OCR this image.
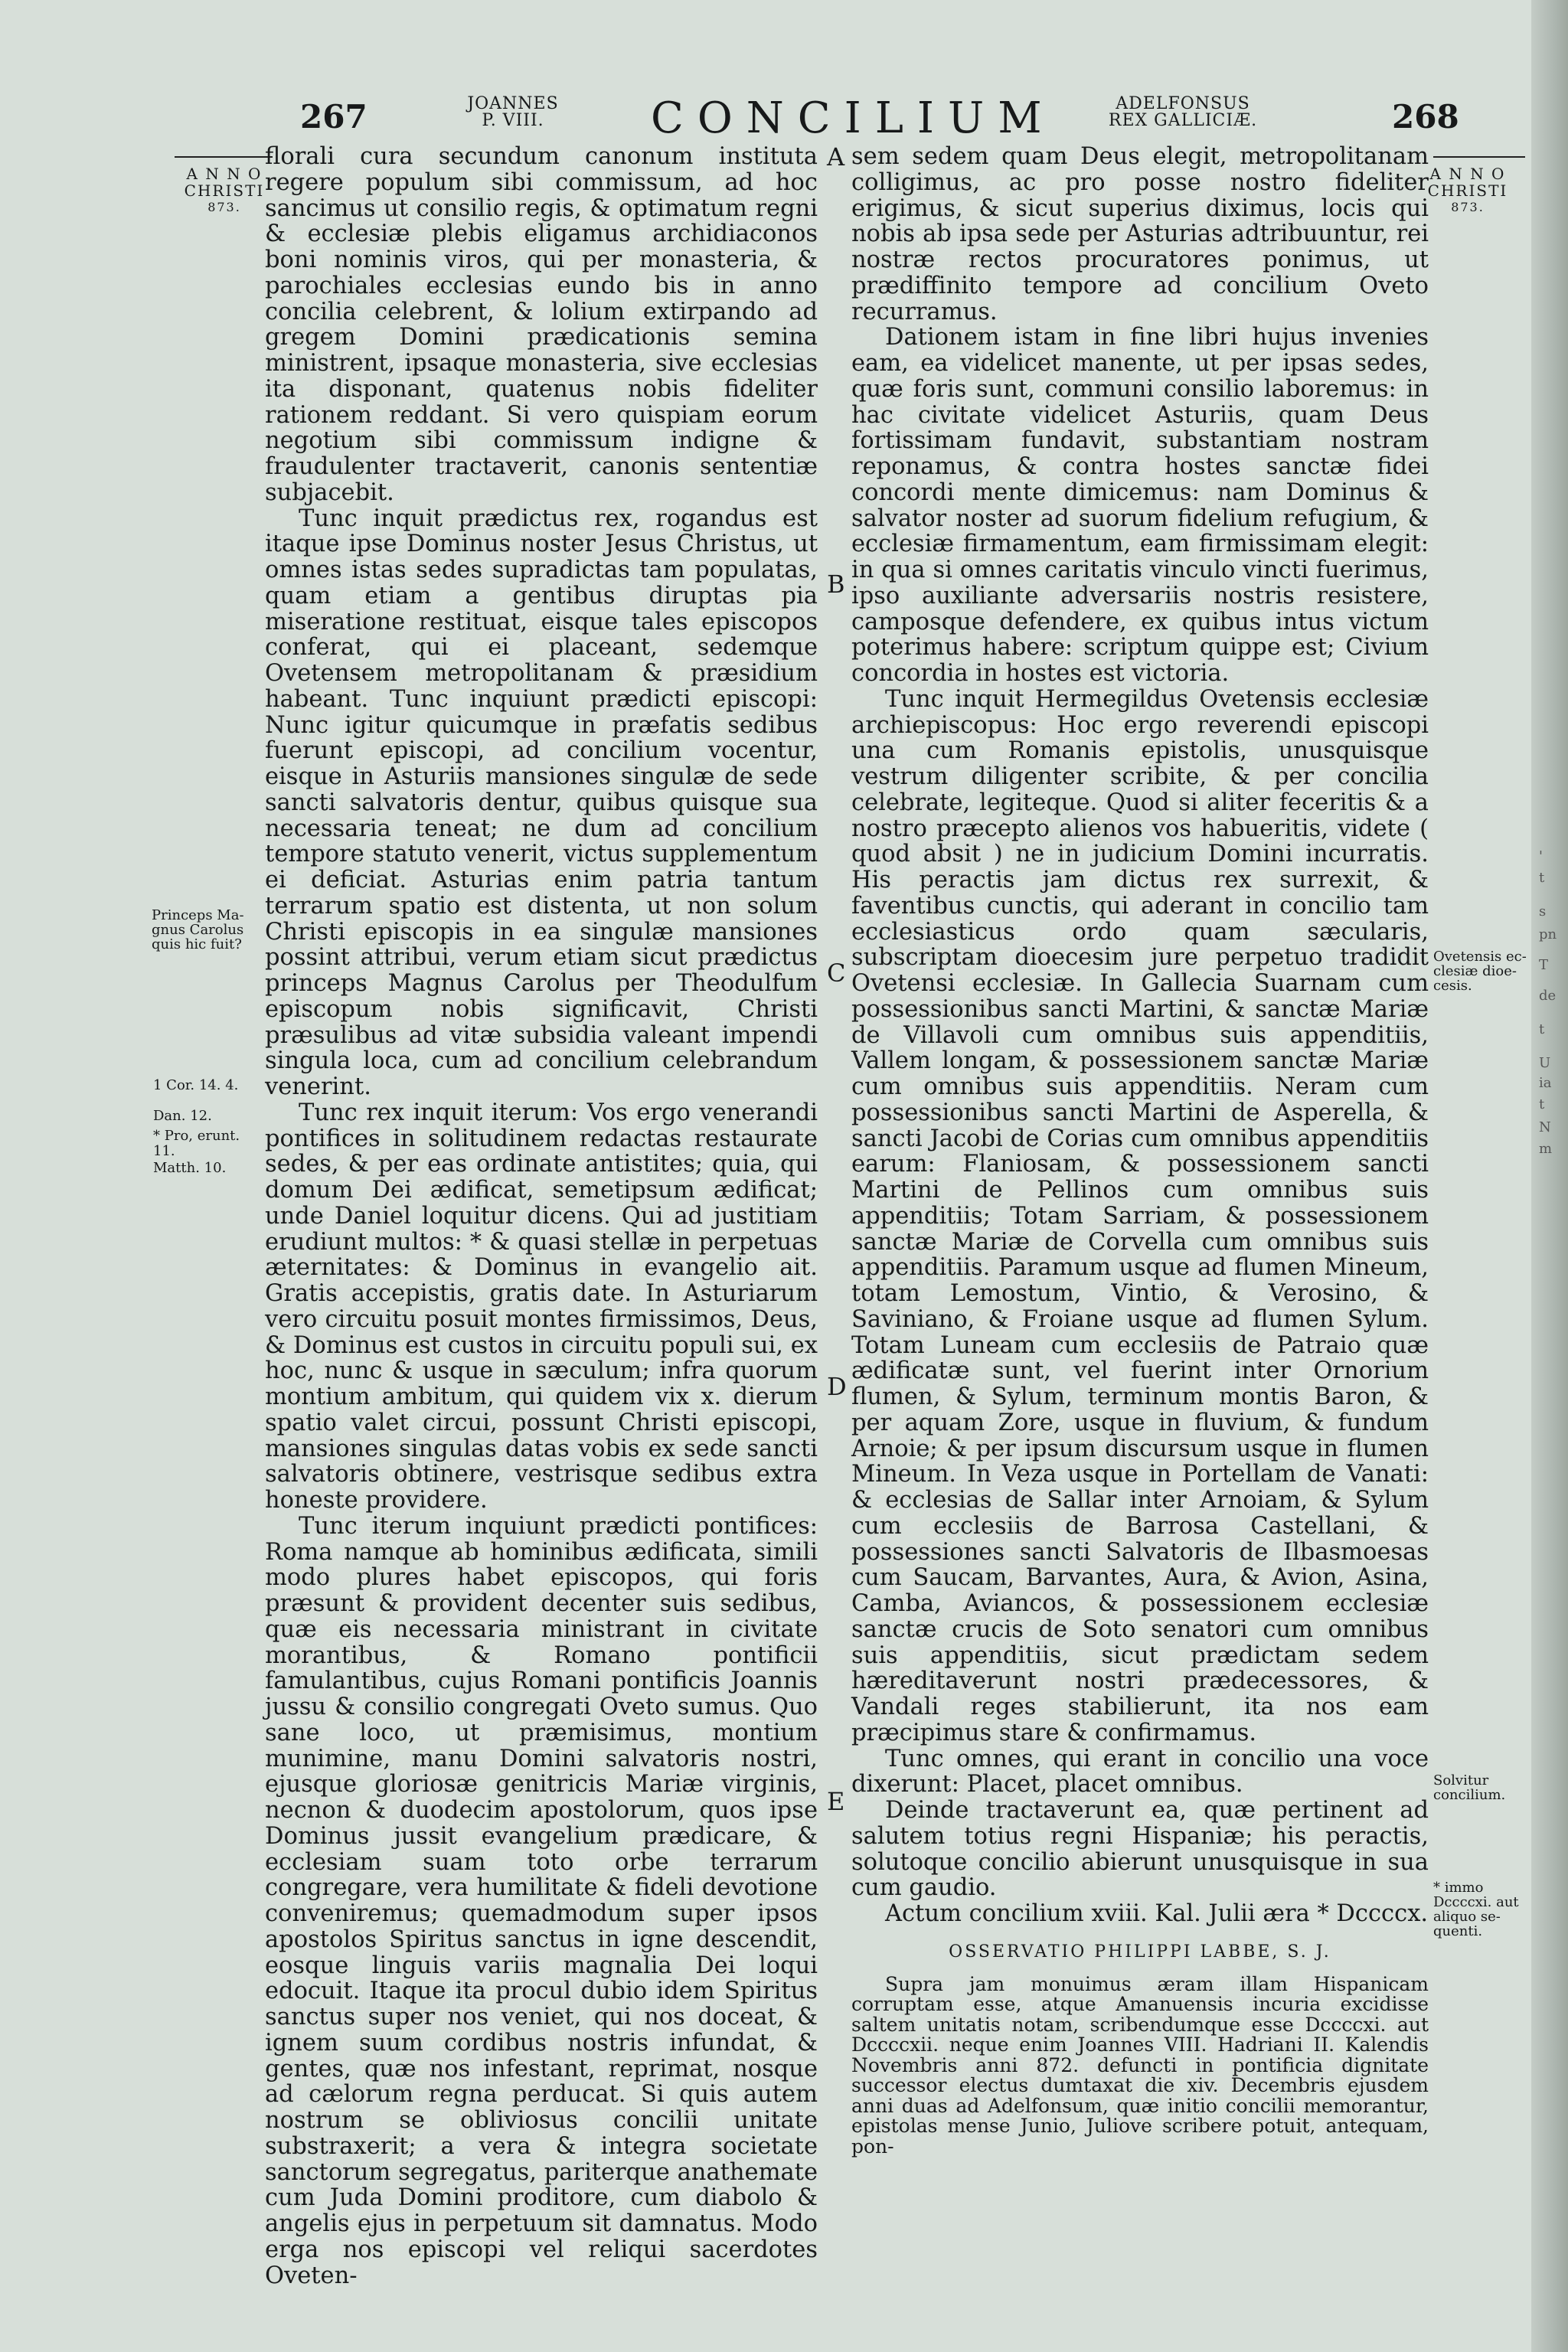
'
t
s
pn
T
de
t
U
ia
t
N
m
267	JOANNES
P. VIII.	CONCILIUM	ADELFONSUS
REX GALLICIÆ.	268
A N N O
CHRISTI
873.
Princeps Ma-
gnus Carolus
quis hic fuit?
1 Cor. 14. 4.
Dan. 12.
* Pro, erunt.
11.
Matth. 10.
A N N O
CHRISTI
873.
Ovetensis ec-
clesiæ dioe-
cesis.
Solvitur
concilium.
* immo
Dccccxi. aut
aliquo se-
quenti.
A
B
C
D
E

florali cura secundum canonum instituta regere populum sibi commissum, ad hoc sancimus ut consilio regis, & optimatum regni & ecclesiæ plebis eligamus archidiaconos boni nominis viros, qui per monasteria, & parochiales ecclesias eundo bis in anno concilia celebrent, & lolium extirpando ad gregem Domini prædicationis semina ministrent, ipsaque monasteria, sive ecclesias ita disponant, quatenus nobis fideliter rationem reddant. Si vero quispiam eorum negotium sibi commissum indigne & fraudulenter tractaverit, canonis sententiæ subjacebit.

Tunc inquit prædictus rex, rogandus est itaque ipse Dominus noster Jesus Christus, ut omnes istas sedes supradictas tam populatas, quam etiam a gentibus diruptas pia miseratione restituat, eisque tales episcopos conferat, qui ei placeant, sedemque Ovetensem metropolitanam & præsidium habeant. Tunc inquiunt prædicti episcopi: Nunc igitur quicumque in præfatis sedibus fuerunt episcopi, ad concilium vocentur, eisque in Asturiis mansiones singulæ de sede sancti salvatoris dentur, quibus quisque sua necessaria teneat; ne dum ad concilium tempore statuto venerit, victus supplementum ei deficiat. Asturias enim patria tantum terrarum spatio est distenta, ut non solum Christi episcopis in ea singulæ mansiones possint attribui, verum etiam sicut prædictus princeps Magnus Carolus per Theodulfum episcopum nobis significavit, Christi præsulibus ad vitæ subsidia valeant impendi singula loca, cum ad concilium celebrandum venerint.

Tunc rex inquit iterum: Vos ergo venerandi pontifices in solitudinem redactas restaurate sedes, & per eas ordinate antistites; quia, qui domum Dei ædificat, semetipsum ædificat; unde Daniel loquitur dicens. Qui ad justitiam erudiunt multos: * & quasi stellæ in perpetuas æternitates: & Dominus in evangelio ait. Gratis accepistis, gratis date. In Asturiarum vero circuitu posuit montes firmissimos, Deus, & Dominus est custos in circuitu populi sui, ex hoc, nunc & usque in sæculum; infra quorum montium ambitum, qui quidem vix x. dierum spatio valet circui, possunt Christi episcopi, mansiones singulas datas vobis ex sede sancti salvatoris obtinere, vestrisque sedibus extra honeste providere.

Tunc iterum inquiunt prædicti pontifices: Roma namque ab hominibus ædificata, simili modo plures habet episcopos, qui foris præsunt & provident decenter suis sedibus, quæ eis necessaria ministrant in civitate morantibus, & Romano pontificii famulantibus, cujus Romani pontificis Joannis jussu & consilio congregati Oveto sumus. Quo sane loco, ut præmisimus, montium munimine, manu Domini salvatoris nostri, ejusque gloriosæ genitricis Mariæ virginis, necnon & duodecim apostolorum, quos ipse Dominus jussit evangelium prædicare, & ecclesiam suam toto orbe terrarum congregare, vera humilitate & fideli devotione conveniremus; quemadmodum super ipsos apostolos Spiritus sanctus in igne descendit, eosque linguis variis magnalia Dei loqui edocuit. Itaque ita procul dubio idem Spiritus sanctus super nos veniet, qui nos doceat, & ignem suum cordibus nostris infundat, & gentes, quæ nos infestant, reprimat, nosque ad cælorum regna perducat. Si quis autem nostrum se obliviosus concilii unitate substraxerit; a vera & integra societate sanctorum segregatus, pariterque anathemate cum Juda Domini proditore, cum diabolo & angelis ejus in perpetuum sit damnatus. Modo erga nos episcopi vel reliqui sacerdotes Oveten-

sem sedem quam Deus elegit, metropolitanam colligimus, ac pro posse nostro fideliter erigimus, & sicut superius diximus, locis qui nobis ab ipsa sede per Asturias adtribuuntur, rei nostræ rectos procuratores ponimus, ut prædiffinito tempore ad concilium Oveto recurramus.

Dationem istam in fine libri hujus invenies eam, ea videlicet manente, ut per ipsas sedes, quæ foris sunt, communi consilio laboremus: in hac civitate videlicet Asturiis, quam Deus fortissimam fundavit, substantiam nostram reponamus, & contra hostes sanctæ fidei concordi mente dimicemus: nam Dominus & salvator noster ad suorum fidelium refugium, & ecclesiæ firmamentum, eam firmissimam elegit: in qua si omnes caritatis vinculo vincti fuerimus, ipso auxiliante adversariis nostris resistere, camposque defendere, ex quibus intus victum poterimus habere: scriptum quippe est; Civium concordia in hostes est victoria.

Tunc inquit Hermegildus Ovetensis ecclesiæ archiepiscopus: Hoc ergo reverendi episcopi una cum Romanis epistolis, unusquisque vestrum diligenter scribite, & per concilia celebrate, legiteque. Quod si aliter feceritis & a nostro præcepto alienos vos habueritis, videte ( quod absit ) ne in judicium Domini incurratis. His peractis jam dictus rex surrexit, & faventibus cunctis, qui aderant in concilio tam ecclesiasticus ordo quam sæcularis, subscriptam dioecesim jure perpetuo tradidit Ovetensi ecclesiæ. In Gallecia Suarnam cum possessionibus sancti Martini, & sanctæ Mariæ de Villavoli cum omnibus suis appenditiis, Vallem longam, & possessionem sanctæ Mariæ cum omnibus suis appenditiis. Neram cum possessionibus sancti Martini de Asperella, & sancti Jacobi de Corias cum omnibus appenditiis earum: Flaniosam, & possessionem sancti Martini de Pellinos cum omnibus suis appenditiis; Totam Sarriam, & possessionem sanctæ Mariæ de Corvella cum omnibus suis appenditiis. Paramum usque ad flumen Mineum, totam Lemostum, Vintio, & Verosino, & Saviniano, & Froiane usque ad flumen Sylum. Totam Luneam cum ecclesiis de Patraio quæ ædificatæ sunt, vel fuerint inter Ornorium flumen, & Sylum, terminum montis Baron, & per aquam Zore, usque in fluvium, & fundum Arnoie; & per ipsum discursum usque in flumen Mineum. In Veza usque in Portellam de Vanati: & ecclesias de Sallar inter Arnoiam, & Sylum cum ecclesiis de Barrosa Castellani, & possessiones sancti Salvatoris de Ilbasmoesas cum Saucam, Barvantes, Aura, & Avion, Asina, Camba, Aviancos, & possessionem ecclesiæ sanctæ crucis de Soto senatori cum omnibus suis appenditiis, sicut prædictam sedem hæreditaverunt nostri prædecessores, & Vandali reges stabilierunt, ita nos eam præcipimus stare & confirmamus.

Tunc omnes, qui erant in concilio una voce dixerunt: Placet, placet omnibus.

Deinde tractaverunt ea, quæ pertinent ad salutem totius regni Hispaniæ; his peractis, solutoque concilio abierunt unusquisque in sua cum gaudio.

Actum concilium xviii. Kal. Julii æra * Dccccx.

OSSERVATIO PHILIPPI LABBE, S. J.

Supra jam monuimus æram illam Hispanicam corruptam esse, atque Amanuensis incuria excidisse saltem unitatis notam, scribendumque esse Dccccxi. aut Dccccxii. neque enim Joannes VIII. Hadriani II. Kalendis Novembris anni 872. defuncti in pontificia dignitate successor electus dumtaxat die xiv. Decembris ejusdem anni duas ad Adelfonsum, quæ initio concilii memorantur, epistolas mense Junio, Juliove scribere potuit, antequam, pon-
